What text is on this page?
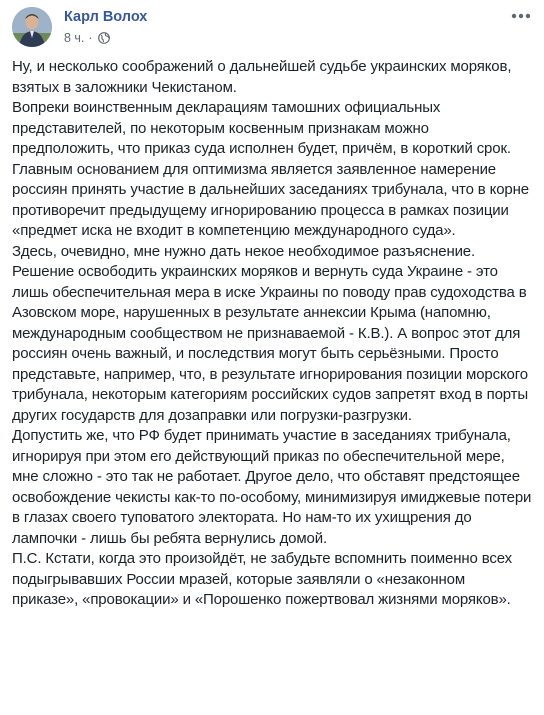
Карл Волох
8 ч. ·

Ну, и несколько соображений о дальнейшей судьбе украинских моряков, взятых в заложники Чекистаном.

Вопреки воинственным декларациям тамошних официальных представителей, по некоторым косвенным признакам можно предположить, что приказ суда исполнен будет, причём, в короткий срок. Главным основанием для оптимизма является заявленное намерение россиян принять участие в дальнейших заседаниях трибунала, что в корне противоречит предыдущему игнорированию процесса в рамках позиции «предмет иска не входит в компетенцию международного суда».

Здесь, очевидно, мне нужно дать некое необходимое разъяснение. Решение освободить украинских моряков и вернуть суда Украине - это лишь обеспечительная мера в иске Украины по поводу прав судоходства в Азовском море, нарушенных в результате аннексии Крыма (напомню, международным сообществом не признаваемой - К.В.). А вопрос этот для россиян очень важный, и последствия могут быть серьёзными. Просто представьте, например, что, в результате игнорирования позиции морского трибунала, некоторым категориям российских судов запретят вход в порты других государств для дозаправки или погрузки-разгрузки.

Допустить же, что РФ будет принимать участие в заседаниях трибунала, игнорируя при этом его действующий приказ по обеспечительной мере, мне сложно - это так не работает. Другое дело, что обставят предстоящее освобождение чекисты как-то по-особому, минимизируя имиджевые потери в глазах своего туповатого электората. Но нам-то их ухищрения до лампочки - лишь бы ребята вернулись домой.

П.С. Кстати, когда это произойдёт, не забудьте вспомнить поименно всех подыгрывавших России мразей, которые заявляли о «незаконном приказе», «провокации» и «Порошенко пожертвовал жизнями моряков».
